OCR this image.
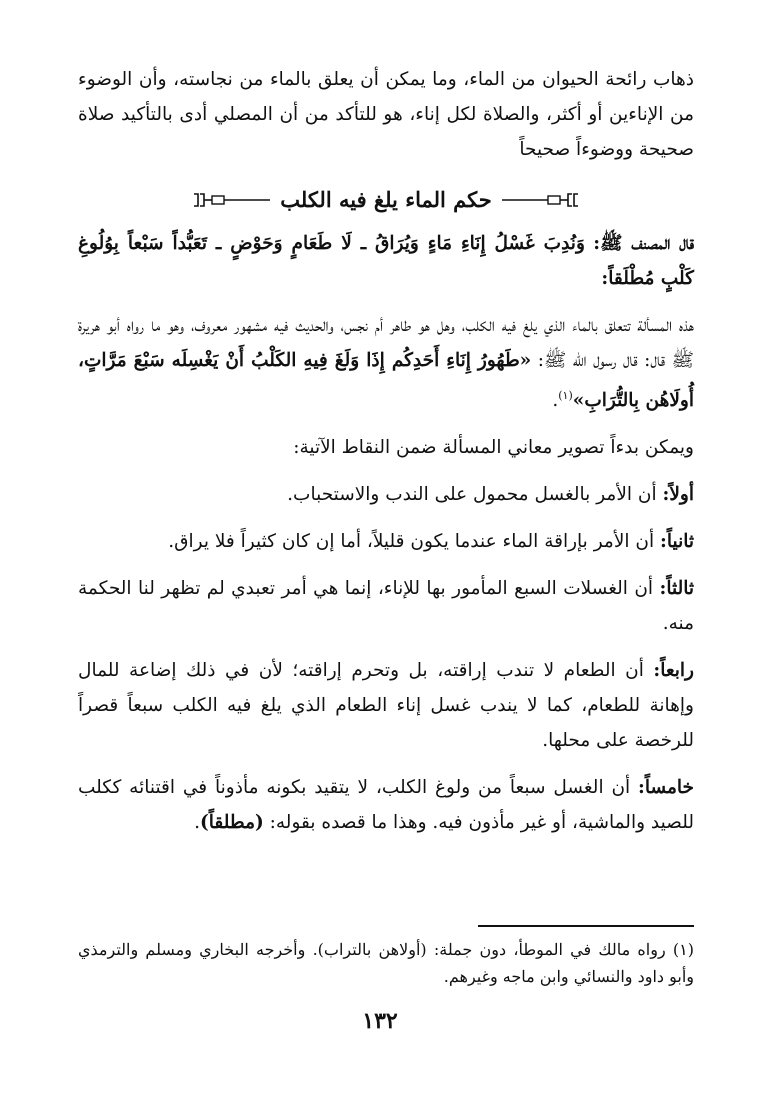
ذهاب رائحة الحيوان من الماء، وما يمكن أن يعلق بالماء من نجاسته، وأن الوضوء من الإناءين أو أكثر، والصلاة لكل إناء، هو للتأكد من أن المصلي أدى بالتأكيد صلاة صحيحة ووضوءاً صحيحاً

حكم الماء يلغ فيه الكلب

قال المصنف ﷺ: وَنُدِبَ غَسْلُ إِنَاءِ مَاءٍ وَيُرَاقُ ـ لَا طَعَامٍ وَحَوْضٍ ـ تَعَبُّداً سَبْعاً بِوُلُوغِ كَلْبٍ مُطْلَقاً:

هذه المسألة تتعلق بالماء الذي يلغ فيه الكلب، وهل هو طاهر أم نجس، والحديث فيه مشهور معروف، وهو ما رواه أبو هريرة ﷺ قال: قال رسول الله ﷺ: «طَهُورُ إِنَاءِ أَحَدِكُم إِذَا وَلَغَ فِيهِ الكَلْبُ أَنْ يَغْسِلَه سَبْعَ مَرَّاتٍ، أُولَاهُن بِالتُّرَابِ»$^{(١)}$.

ويمكن بدءاً تصوير معاني المسألة ضمن النقاط الآتية:

أولاً: أن الأمر بالغسل محمول على الندب والاستحباب.

ثانياً: أن الأمر بإراقة الماء عندما يكون قليلاً، أما إن كان كثيراً فلا يراق.

ثالثاً: أن الغسلات السبع المأمور بها للإناء، إنما هي أمر تعبدي لم تظهر لنا الحكمة منه.

رابعاً: أن الطعام لا تندب إراقته، بل وتحرم إراقته؛ لأن في ذلك إضاعة للمال وإهانة للطعام، كما لا يندب غسل إناء الطعام الذي يلغ فيه الكلب سبعاً قصراً للرخصة على محلها.

خامساً: أن الغسل سبعاً من ولوغ الكلب، لا يتقيد بكونه مأذوناً في اقتنائه ككلب للصيد والماشية، أو غير مأذون فيه. وهذا ما قصده بقوله: (مطلقاً).

(١) رواه مالك في الموطأ، دون جملة: (أولاهن بالتراب). وأخرجه البخاري ومسلم والترمذي وأبو داود والنسائي وابن ماجه وغيرهم.

١٣٢
